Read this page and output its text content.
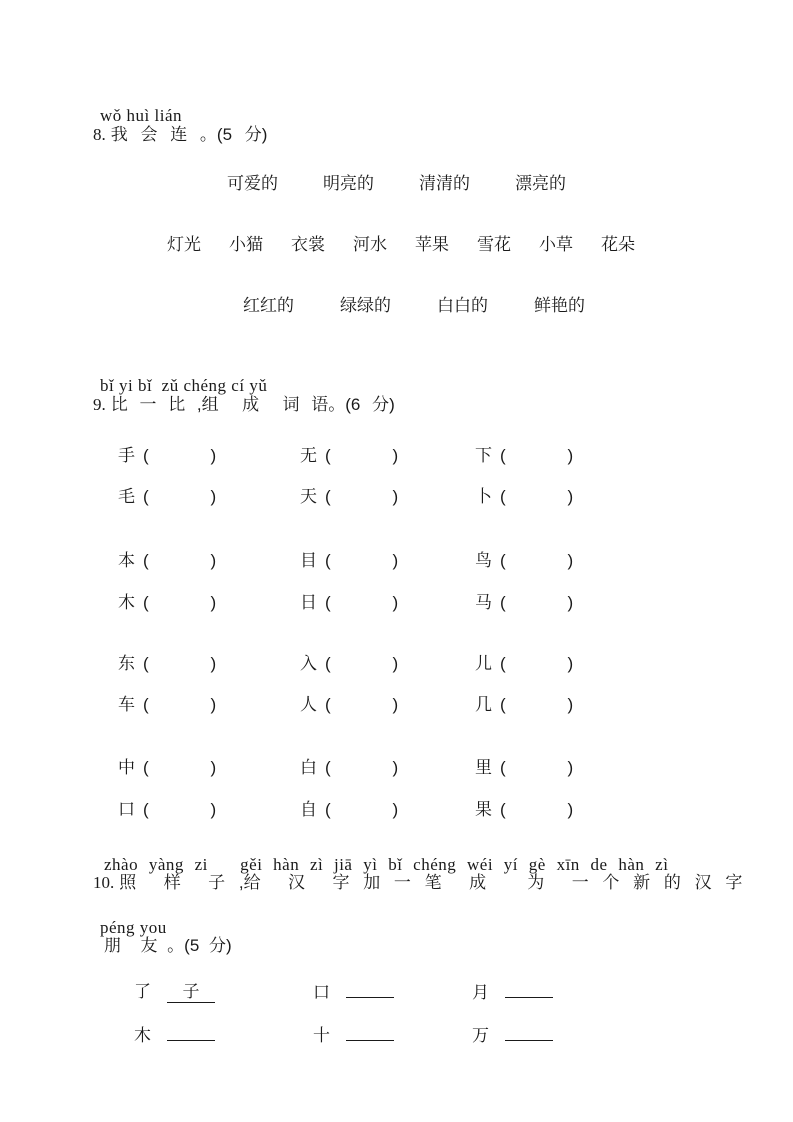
wǒ huì lián
8. 我 会 连 。(5 分)
可爱的	明亮的	清清的	漂亮的
灯光 小猫 衣裳 河水 苹果 雪花 小草 花朵
红红的	绿绿的	白白的	鲜艳的
bǐ yi bǐ  zǔ chéng cí yǔ
9. 比 一 比 ,组  成  词 语。(6 分)
手 (        )	无 (        )	下 (        )
毛 (        )	天 (        )	卜 (        )
本 (        )	目 (        )	鸟 (        )
木 (        )	日 (        )	马 (        )
东 (        )	入 (        )	儿 (        )
车 (        )	人 (        )	几 (        )
中 (        )	白 (        )	里 (        )
口 (        )	自 (        )	果 (        )
zhào yàng zi   gěi hàn zì jiā yì bǐ chéng wéi yí gè xīn de hàn zì
10. 照  样  子 ,给  汉  字 加 一 笔  成   为  一 个 新 的 汉 字
péng you
朋  友 。(5 分)
了 子	口	月
木	十	万
